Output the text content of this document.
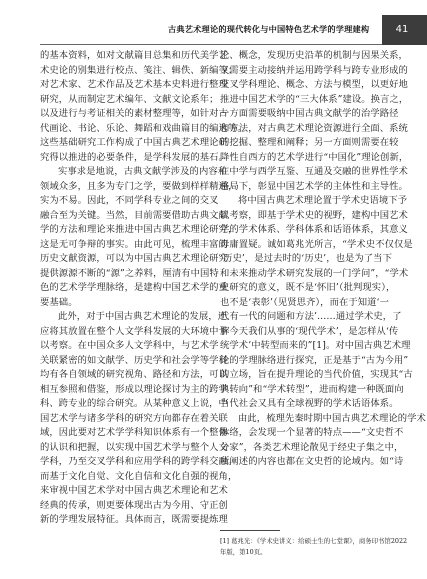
古典艺术理论的现代转化与中国特色艺术学的学理建构	41
的基本资料，如对文献篇目总集和历代美学艺
术史论的别集进行校点、笺注、辑佚、新编等；
对艺术家、艺术作品及艺术基本史料进行整理
研究，从而制定艺术编年、文献文论系年；
以及进行与考证相关的素材整理等，如针对古
代画论、书论、乐论、舞蹈和戏曲篇目的编选等。
这些基础研究工作构成了中国古典艺术理论研
究得以推进的必要条件，是学科发展的基石。
实事求是地说，古典文献学涉及的内容和
领域众多，且多为专门之学，要做到样样精通，
实为不易。因此，不同学科专业之间的交叉
融合至为关键。当然，目前需要借助古典文献
学的方法和理论来推进中国古典艺术理论研究，
这是无可争辩的事实。由此可见，梳理丰富的
历史文献资源，可以为中国古典艺术理论研究
提供源源不断的“源”之养料，厘清有中国特
色的艺术学学理脉络，是建构中国艺术学的重
要基础。
此外，对于中国古典艺术理论的发展，还
应将其放置在整个人文学科发展的大环境中予
以考察。在中国众多人文学科中，与艺术学
关联紧密的如文献学、历史学和社会学等学科
均有各自领域的研究视角、路径和方法，可以
相互参照和借鉴，形成以理论探讨为主的跨学
科、跨专业的综合研究。从某种意义上说，中
国艺术学与诸多学科的研究方向都存在着关联
域，因此要对艺术学学科知识体系有一个整体
的认识和把握，以实现中国艺术学与整个人文
学科，乃至交叉学科和应用学科的跨学科交融。
而基于文化自觉、文化自信和文化自强的视角，
来审视中国艺术学对中国古典艺术理论和艺术
经典的传承，则更要体现出古为今用、守正创
新的学理发展特征。具体而言，既需要提炼理
论、概念，发现历史沿革的机制与因果关系，
又需要主动接纳并运用跨学科与跨专业形成的
交叉学科理论、概念、方法与模型，以更好地
推进中国艺术学的“三大体系”建设。换言之，
一方面需要吸纳中国古典文献学的治学路径
和方法，对古典艺术理论资源进行全面、系统
的挖掘、整理和阐释；另一方面则需要在较
降性自西方的艺术学进行“中国化”理论创新，
在中学与西学互鉴、互通及交融的世界性学术
格局下，彰显中国艺术学的主体性和主导性。
将中国古典艺术理论置于学术史语境下予
以考察，即基于学术史的视野，建构中国艺术
学的学术体系、学科体系和话语体系，其意义
毋庸置疑。诚如葛兆光所言，“学术史不仅仅是
‘历史’，是过去时的‘历史’，也是为了当下
和未来推动学术研究发展的一门学问”，“学术
史研究的意义，既不是‘怀旧’（批判现实），
也不是‘表彰’（见贤思齐），而在于知道‘一
代有一代的问题和方法’……通过学术史，了
解今天我们从事的‘现代学术’，是怎样从‘传
统学术’中转型而来的”[1]。对中国古典艺术理
论的学理脉络进行探究，正是基于“古为今用”
的立场，旨在提升理论的当代价值，实现其“古
典转向”和“学术转型”，进而构建一种既面向
当代社会又具有全球视野的学术话语体系。
由此，梳理先秦时期中国古典艺术理论的学术
脉络，会发现一个显著的特点——“文史哲不
分家”，各类艺术理论散见于经史子集之中，
所阐述的内容也都在文史哲的论域内。如“诗
[1] 葛兆光：《学术史讲义：给硕士生的七堂课》，商务印书馆2022
年版，第10页。
